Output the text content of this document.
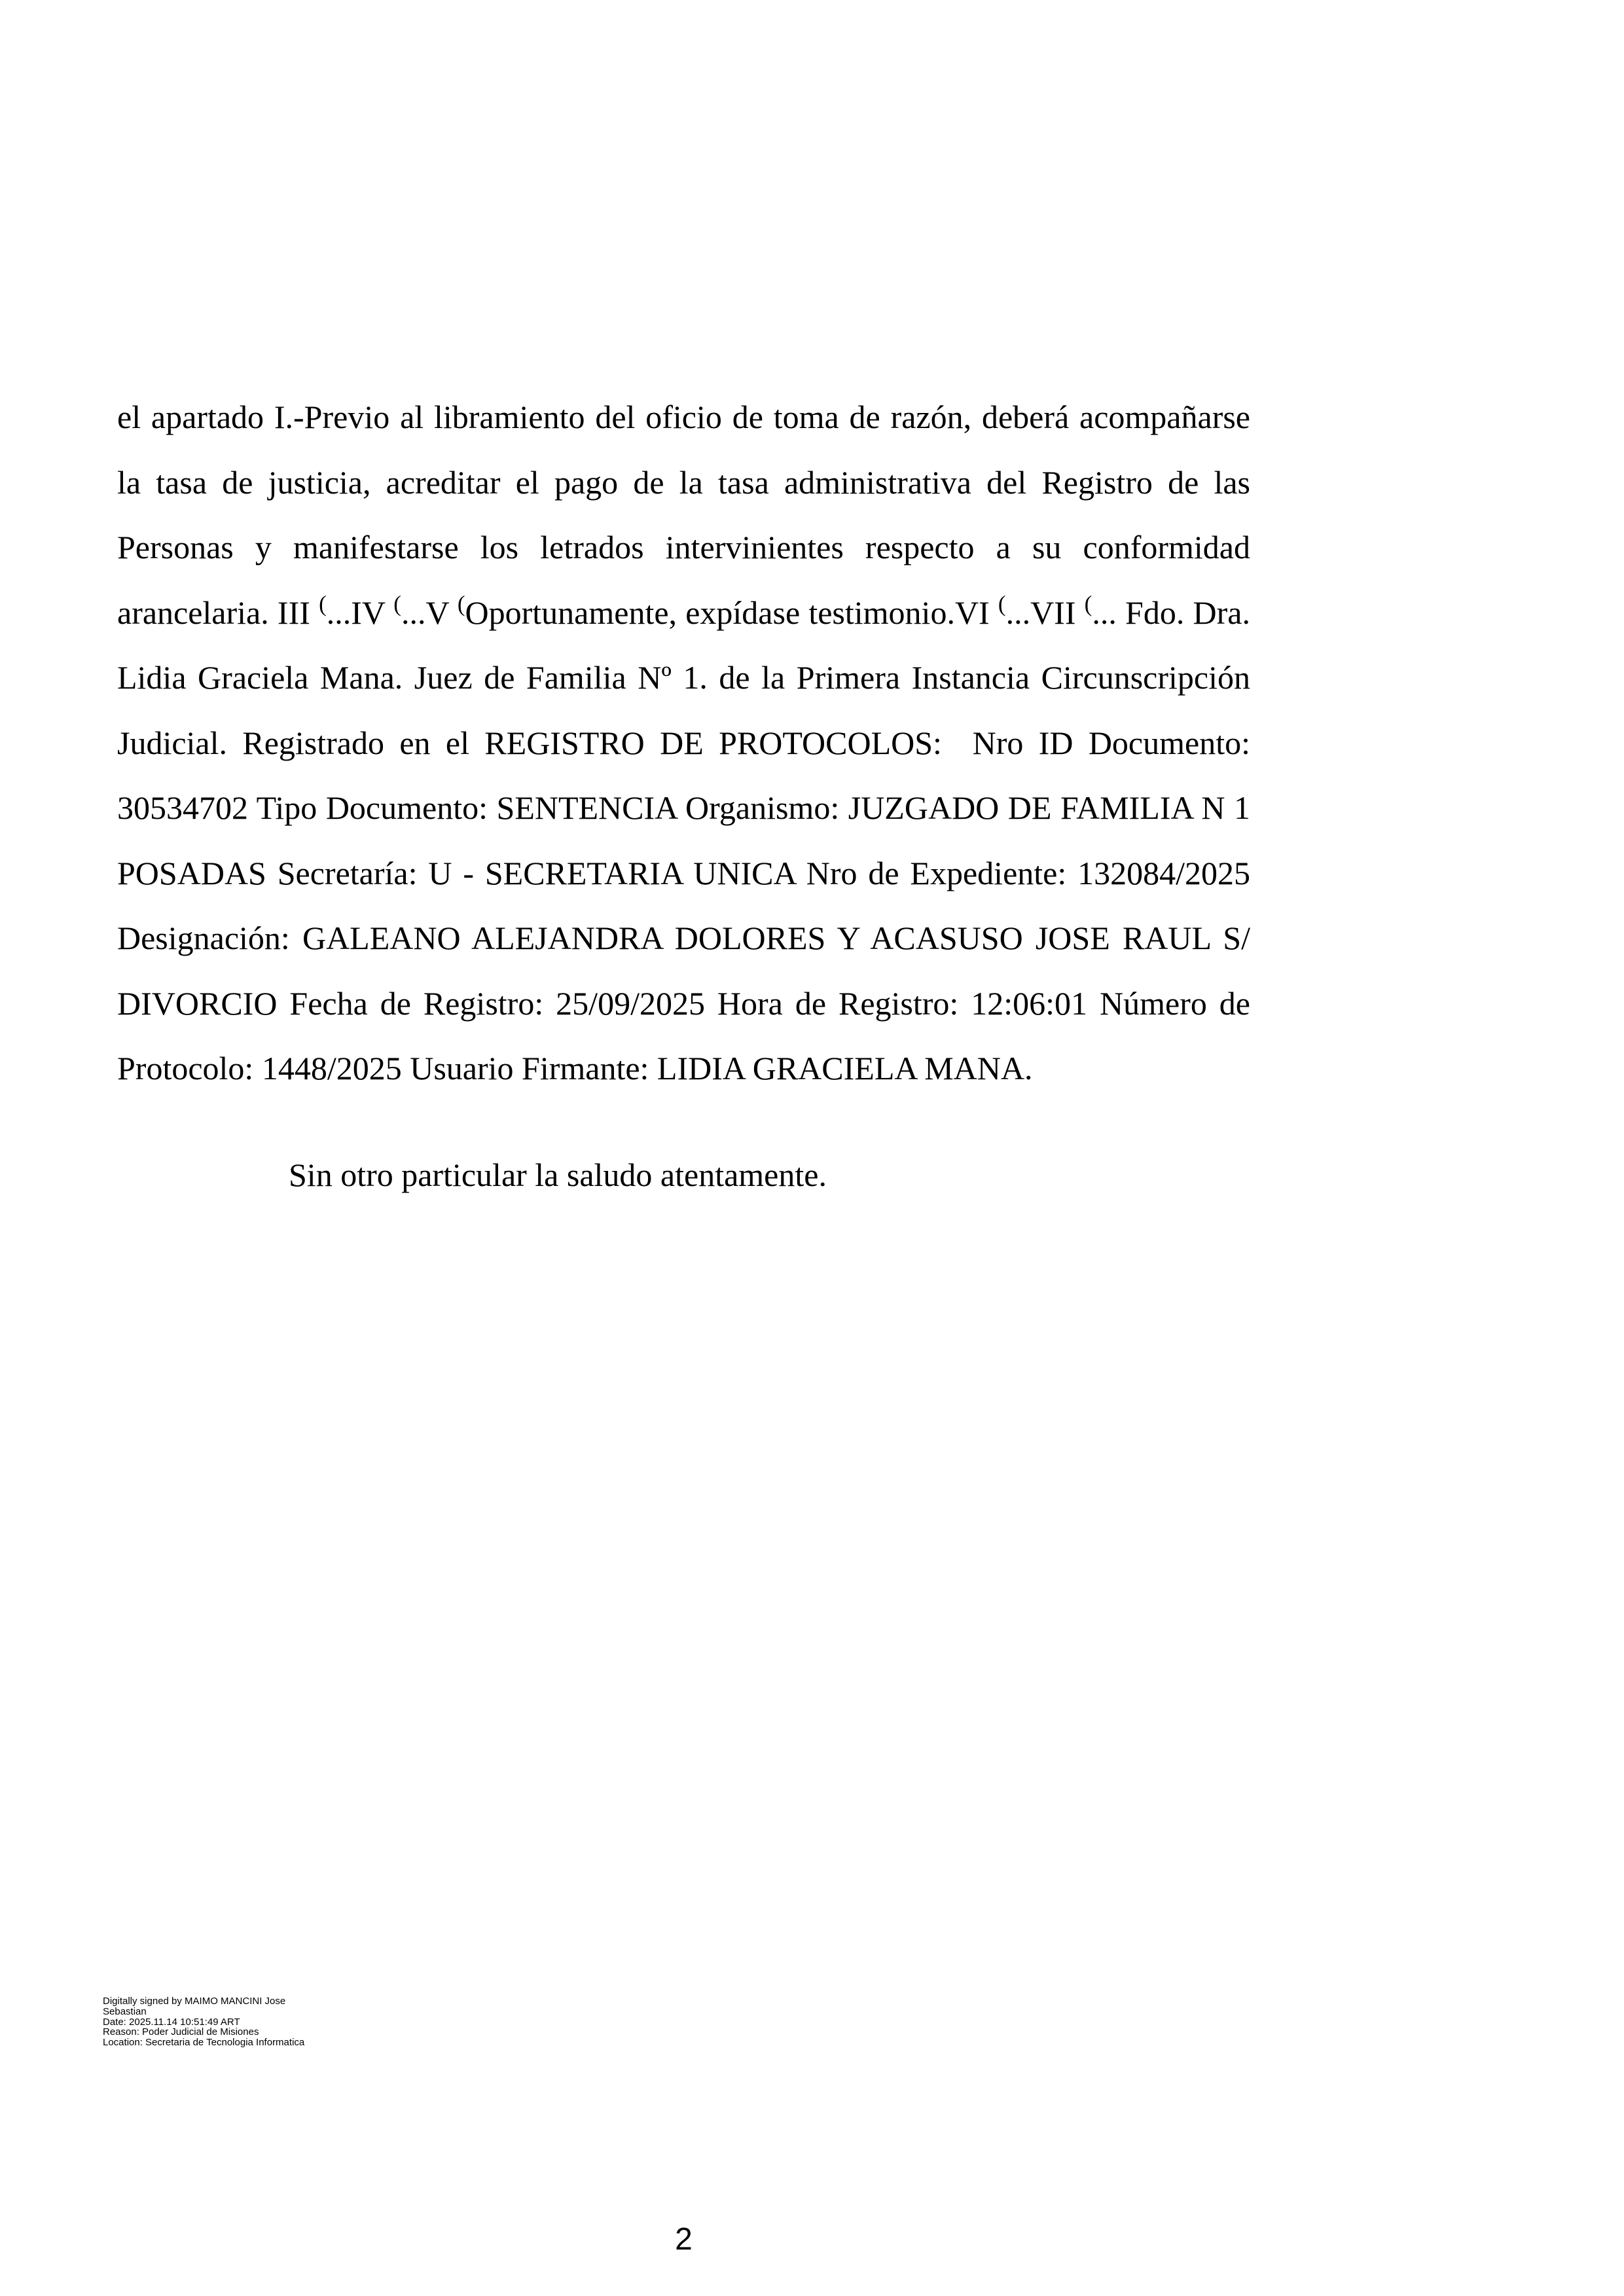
el apartado I.-Previo al libramiento del oficio de toma de razón, deberá acompañarse la tasa de justicia, acreditar el pago de la tasa administrativa del Registro de las Personas y manifestarse los letrados intervinientes respecto a su conformidad arancelaria. III (...IV (...V (Oportunamente, expídase testimonio.VI (...VII (... Fdo. Dra. Lidia Graciela Mana. Juez de Familia Nº 1. de la Primera Instancia Circunscripción Judicial. Registrado en el REGISTRO DE PROTOCOLOS:  Nro ID Documento: 30534702 Tipo Documento: SENTENCIA Organismo: JUZGADO DE FAMILIA N 1 POSADAS Secretaría: U - SECRETARIA UNICA Nro de Expediente: 132084/2025 Designación: GALEANO ALEJANDRA DOLORES Y ACASUSO JOSE RAUL S/ DIVORCIO Fecha de Registro: 25/09/2025 Hora de Registro: 12:06:01 Número de Protocolo: 1448/2025 Usuario Firmante: LIDIA GRACIELA MANA.

Sin otro particular la saludo atentamente.

Digitally signed by MAIMO MANCINI Jose Sebastian
Date: 2025.11.14 10:51:49 ART
Reason: Poder Judicial de Misiones
Location: Secretaria de Tecnologia Informatica
2
